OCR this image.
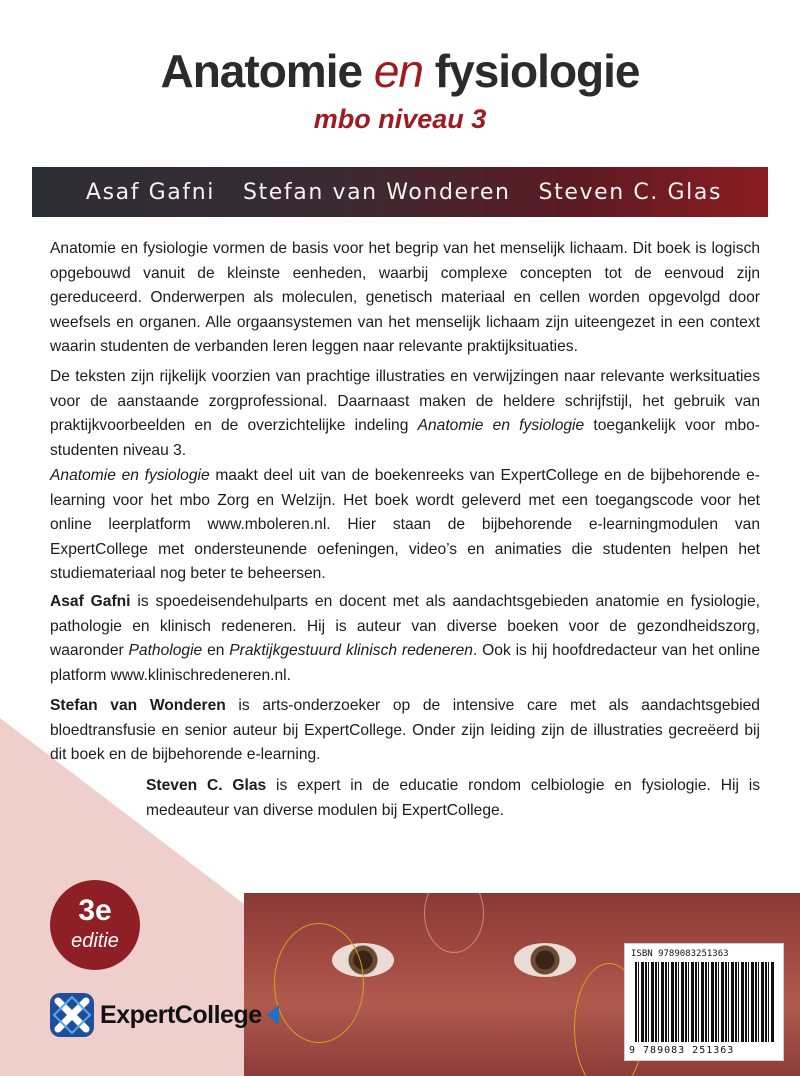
Anatomie en fysiologie
mbo niveau 3
Asaf Gafni Stefan van Wonderen Steven C. Glas

Anatomie en fysiologie vormen de basis voor het begrip van het menselijk lichaam. Dit boek is logisch opgebouwd vanuit de kleinste eenheden, waarbij complexe concepten tot de eenvoud zijn gereduceerd. Onderwerpen als moleculen, genetisch materiaal en cellen worden opgevolgd door weefsels en organen. Alle orgaansystemen van het menselijk lichaam zijn uiteengezet in een context waarin studenten de verbanden leren leggen naar relevante praktijksituaties.

De teksten zijn rijkelijk voorzien van prachtige illustraties en verwijzingen naar relevante werksituaties voor de aanstaande zorgprofessional. Daarnaast maken de heldere schrijfstijl, het gebruik van praktijkvoorbeelden en de overzichtelijke indeling Anatomie en fysiologie toegankelijk voor mbo-studenten niveau 3.

Anatomie en fysiologie maakt deel uit van de boekenreeks van ExpertCollege en de bijbehorende e-learning voor het mbo Zorg en Welzijn. Het boek wordt geleverd met een toegangscode voor het online leerplatform www.mboleren.nl. Hier staan de bijbehorende e-learningmodulen van ExpertCollege met ondersteunende oefeningen, video’s en animaties die studenten helpen het studiemateriaal nog beter te beheersen.

Asaf Gafni is spoedeisendehulparts en docent met als aandachtsgebieden anatomie en fysiologie, pathologie en klinisch redeneren. Hij is auteur van diverse boeken voor de gezondheidszorg, waaronder Pathologie en Praktijkgestuurd klinisch redeneren. Ook is hij hoofdredacteur van het online platform www.klinischredeneren.nl.

Stefan van Wonderen is arts-onderzoeker op de intensive care met als aandachtsgebied bloedtransfusie en senior auteur bij ExpertCollege. Onder zijn leiding zijn de illustraties gecreëerd bij dit boek en de bijbehorende e-learning.

Steven C. Glas is expert in de educatie rondom celbiologie en fysiologie. Hij is medeauteur van diverse modulen bij ExpertCollege.

ISBN 9789083251363
9 789083 251363
3e
editie
ExpertCollege
